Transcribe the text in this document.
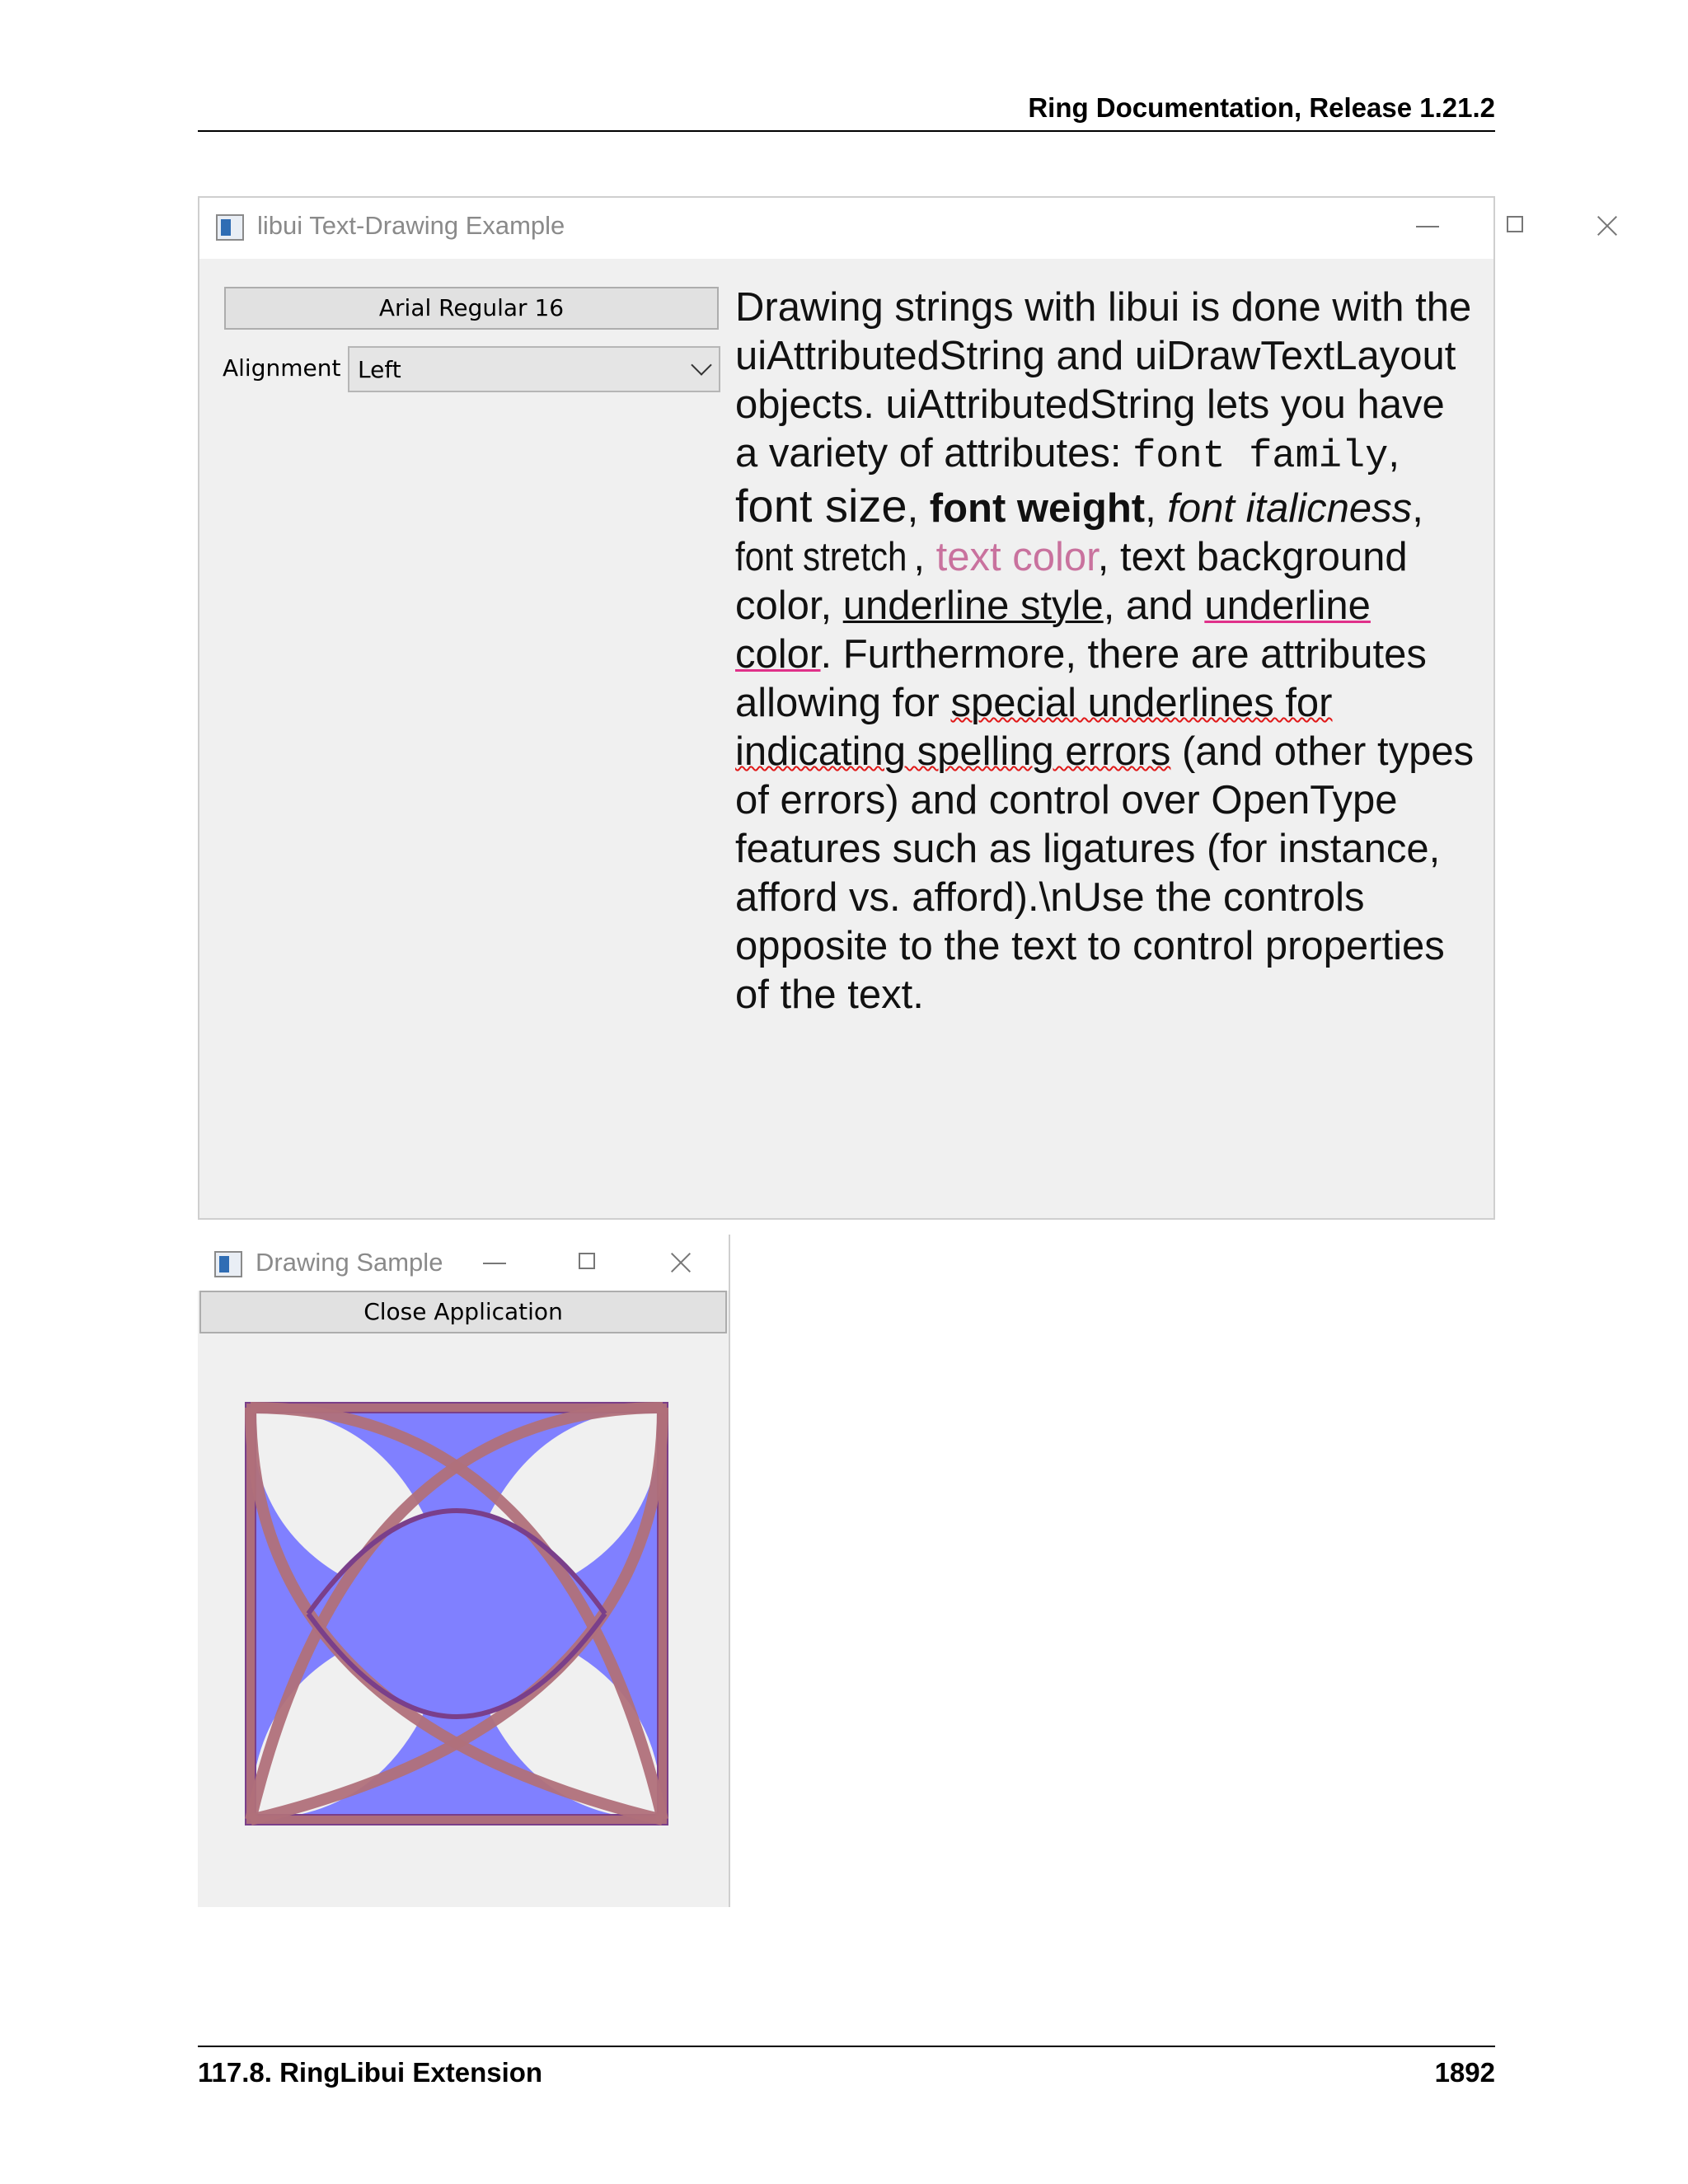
Ring Documentation, Release 1.21.2
libui Text-Drawing Example
Arial Regular 16
Alignment Left
Drawing strings with libui is done with the uiAttributedString and uiDrawTextLayout objects. uiAttributedString lets you have a variety of attributes: font family, font size, font weight, font italicness, font stretch , text color, text background color, underline style, and underline color. Furthermore, there are attributes allowing for special underlines for indicating spelling errors (and other types of errors) and control over OpenType features such as ligatures (for instance, afford vs. afford).\nUse the controls opposite to the text to control properties of the text.
Drawing Sample
Close Application
117.8. RingLibui Extension	1892
